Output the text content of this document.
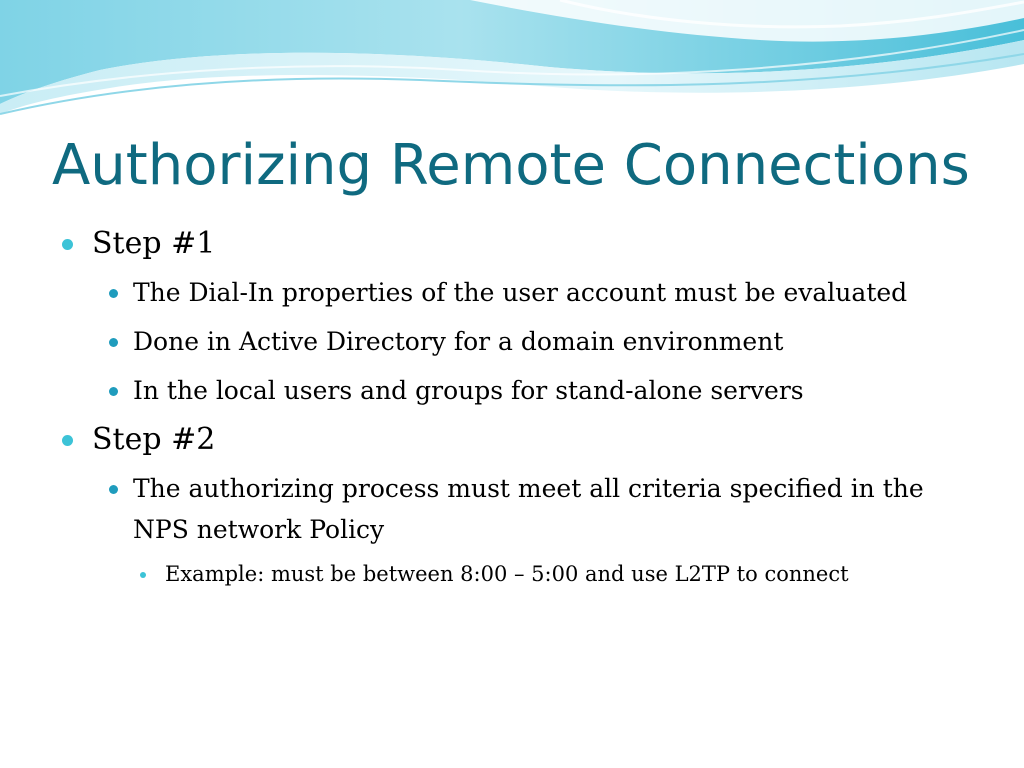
Authorizing Remote Connections
Step #1
The Dial-In properties of the user account must be evaluated
Done in Active Directory for a domain environment
In the local users and groups for stand-alone servers
Step #2
The authorizing process must meet all criteria specified in the NPS network Policy
Example: must be between 8:00 – 5:00 and use L2TP to connect
